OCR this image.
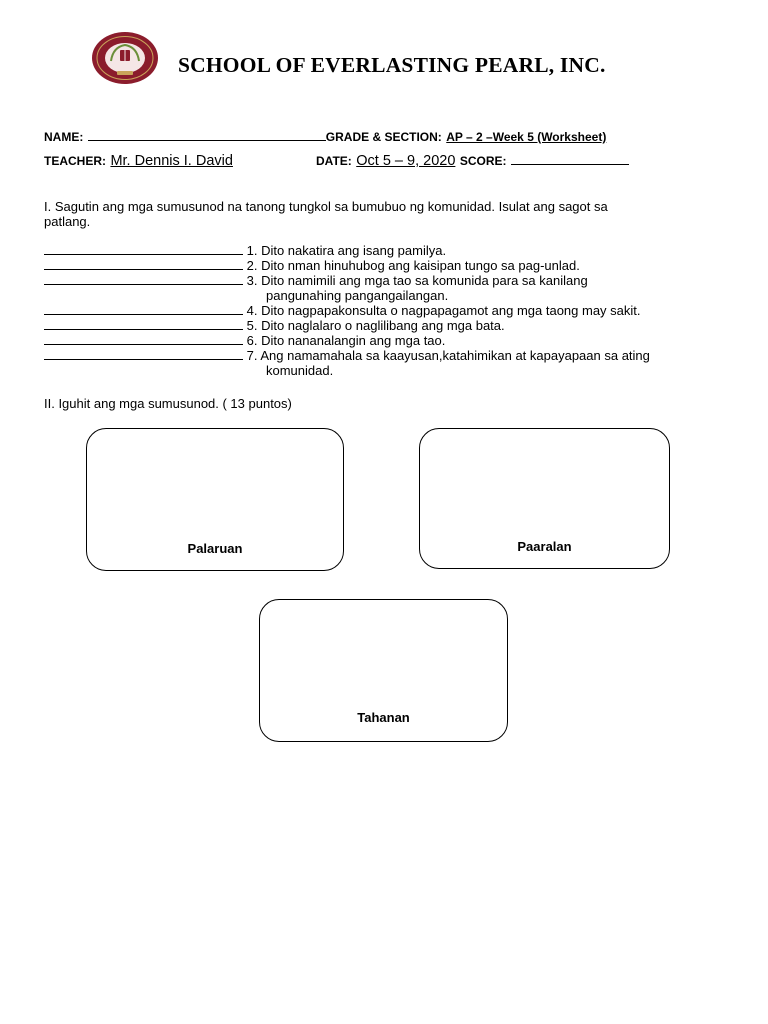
SCHOOL OF EVERLASTING PEARL, INC.
NAME:	GRADE & SECTION: AP – 2 –Week 5 (Worksheet)
TEACHER: Mr. Dennis I. David	DATE: Oct 5 – 9, 2020 SCORE:
I. Sagutin ang mga sumusunod na tanong tungkol sa bumubuo ng komunidad. Isulat ang sagot sa
patlang.
1. Dito nakatira ang isang pamilya.
2. Dito nman hinuhubog ang kaisipan tungo sa pag-unlad.
3. Dito namimili ang mga tao sa komunida para sa kanilang
pangunahing pangangailangan.
4. Dito nagpapakonsulta o nagpapagamot ang mga taong may sakit.
5. Dito naglalaro o naglilibang ang mga bata.
6. Dito nananalangin ang mga tao.
7. Ang namamahala sa kaayusan,katahimikan at kapayapaan sa ating
komunidad.
II. Iguhit ang mga sumusunod. ( 13 puntos)
Palaruan	Paaralan
Tahanan
